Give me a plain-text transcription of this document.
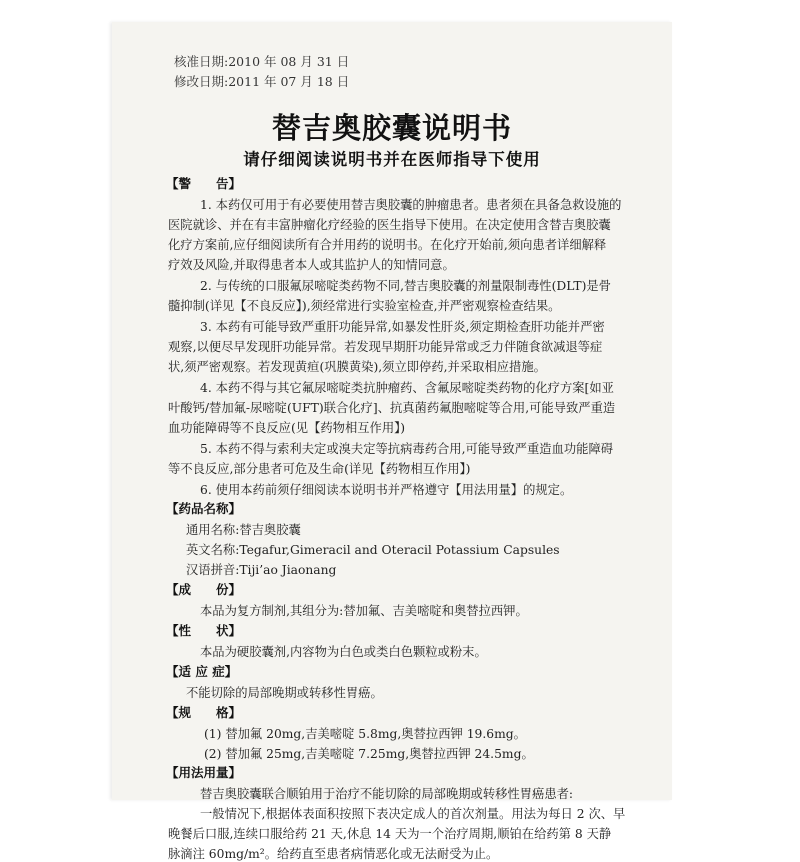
核准日期:2010 年 08 月 31 日
修改日期:2011 年 07 月 18 日
替吉奥胶囊说明书
请仔细阅读说明书并在医师指导下使用
【警　　告】
1. 本药仅可用于有必要使用替吉奥胶囊的肿瘤患者。患者须在具备急救设施的
医院就诊、并在有丰富肿瘤化疗经验的医生指导下使用。在决定使用含替吉奥胶囊
化疗方案前,应仔细阅读所有合并用药的说明书。在化疗开始前,须向患者详细解释
疗效及风险,并取得患者本人或其监护人的知情同意。
2. 与传统的口服氟尿嘧啶类药物不同,替吉奥胶囊的剂量限制毒性(DLT)是骨
髓抑制(详见【不良反应】),须经常进行实验室检查,并严密观察检查结果。
3. 本药有可能导致严重肝功能异常,如暴发性肝炎,须定期检查肝功能并严密
观察,以便尽早发现肝功能异常。若发现早期肝功能异常或乏力伴随食欲减退等症
状,须严密观察。若发现黄疸(巩膜黄染),须立即停药,并采取相应措施。
4. 本药不得与其它氟尿嘧啶类抗肿瘤药、含氟尿嘧啶类药物的化疗方案[如亚
叶酸钙/替加氟-尿嘧啶(UFT)联合化疗]、抗真菌药氟胞嘧啶等合用,可能导致严重造
血功能障碍等不良反应(见【药物相互作用】)
5. 本药不得与索利夫定或溴夫定等抗病毒药合用,可能导致严重造血功能障碍
等不良反应,部分患者可危及生命(详见【药物相互作用】)
6. 使用本药前须仔细阅读本说明书并严格遵守【用法用量】的规定。
【药品名称】
通用名称:替吉奥胶囊
英文名称:Tegafur,Gimeracil and Oteracil Potassium Capsules
汉语拼音:Tiji’ao Jiaonang
【成　　份】
本品为复方制剂,其组分为:替加氟、吉美嘧啶和奥替拉西钾。
【性　　状】
本品为硬胶囊剂,内容物为白色或类白色颗粒或粉末。
【适 应 症】
不能切除的局部晚期或转移性胃癌。
【规　　格】
(1) 替加氟 20mg,吉美嘧啶 5.8mg,奥替拉西钾 19.6mg。
(2) 替加氟 25mg,吉美嘧啶 7.25mg,奥替拉西钾 24.5mg。
【用法用量】
替吉奥胶囊联合顺铂用于治疗不能切除的局部晚期或转移性胃癌患者:
一般情况下,根据体表面积按照下表决定成人的首次剂量。用法为每日 2 次、早
晚餐后口服,连续口服给药 21 天,休息 14 天为一个治疗周期,顺铂在给药第 8 天静
脉滴注 60mg/m²。给药直至患者病情恶化或无法耐受为止。
